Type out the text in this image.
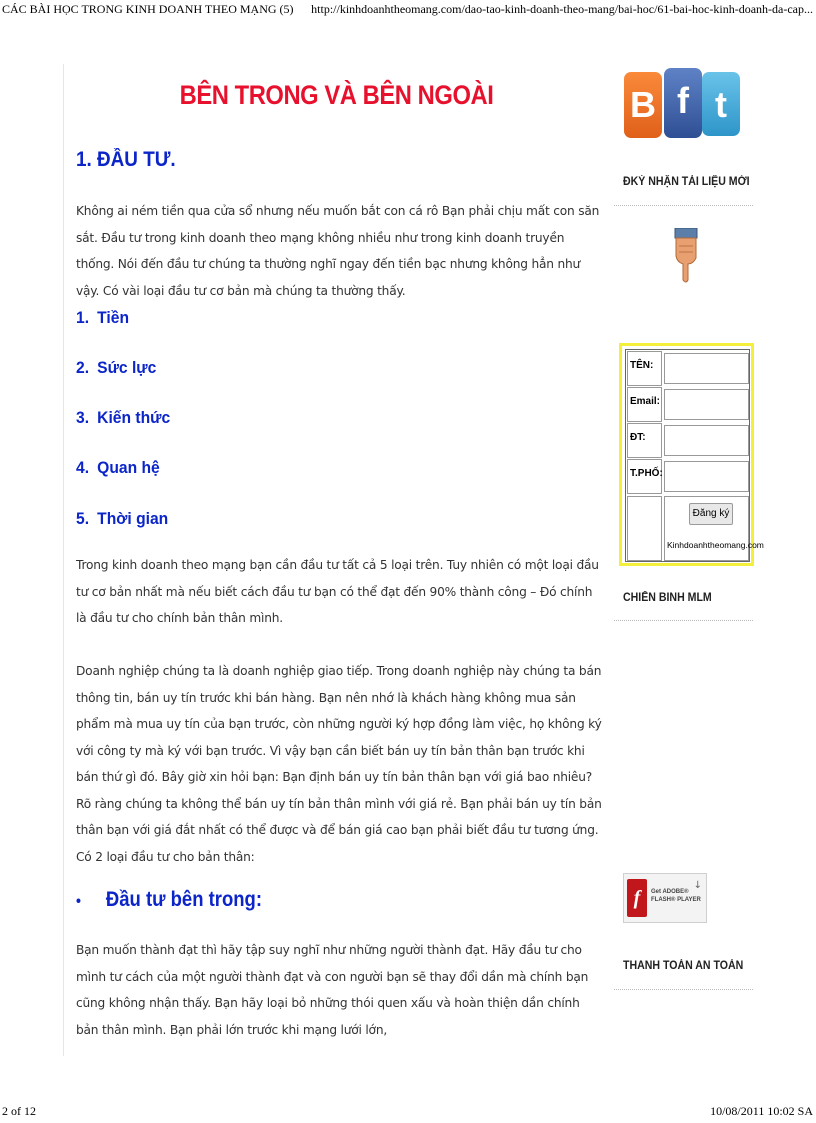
CÁC BÀI HỌC TRONG KINH DOANH THEO MẠNG (5) http://kinhdoanhtheomang.com/dao-tao-kinh-doanh-theo-mang/bai-hoc/61-bai-hoc-kinh-doanh-da-cap...
BÊN TRONG VÀ BÊN NGOÀI
1. ĐẦU TƯ.
Không ai ném tiền qua cửa sổ nhưng nếu muốn bắt con cá rô Bạn phải chịu mất con săn sắt. Đầu tư trong kinh doanh theo mạng không nhiều như trong kinh doanh truyền thống. Nói đến đầu tư chúng ta thường nghĩ ngay đến tiền bạc nhưng không hẳn như vậy. Có vài loại đầu tư cơ bản mà chúng ta thường thấy.
1. Tiền
2. Sức lực
3. Kiến thức
4. Quan hệ
5. Thời gian
Trong kinh doanh theo mạng bạn cần đầu tư tất cả 5 loại trên. Tuy nhiên có một loại đầu tư cơ bản nhất mà nếu biết cách đầu tư bạn có thể đạt đến 90% thành công – Đó chính là đầu tư cho chính bản thân mình.
Doanh nghiệp chúng ta là doanh nghiệp giao tiếp. Trong doanh nghiệp này chúng ta bán thông tin, bán uy tín trước khi bán hàng. Bạn nên nhớ là khách hàng không mua sản phẩm mà mua uy tín của bạn trước, còn những người ký hợp đồng làm việc, họ không ký với công ty mà ký với bạn trước. Vì vậy bạn cần biết bán uy tín bản thân bạn trước khi bán thứ gì đó. Bây giờ xin hỏi bạn: Bạn định bán uy tín bản thân bạn với giá bao nhiêu? Rõ ràng chúng ta không thể bán uy tín bản thân mình với giá rẻ. Bạn phải bán uy tín bản thân bạn với giá đắt nhất có thể được và để bán giá cao bạn phải biết đầu tư tương ứng. Có 2 loại đầu tư cho bản thân:
• Đầu tư bên trong:
Bạn muốn thành đạt thì hãy tập suy nghĩ như những người thành đạt. Hãy đầu tư cho mình tư cách của một người thành đạt và con người bạn sẽ thay đổi dần mà chính bạn cũng không nhận thấy. Bạn hãy loại bỏ những thói quen xấu và hoàn thiện dần chính bản thân mình. Bạn phải lớn trước khi mạng lưới lớn,
B f t
ĐKÝ NHẬN TÀI LIỆU MỚI
TÊN:
Email:
ĐT:
T.PHỐ:
Đăng ký
Kinhdoanhtheomang.com
CHIẾN BINH MLM
f	Get ADOBE®
FLASH® PLAYER
↓
THANH TOÁN AN TOÀN
2 of 12	10/08/2011 10:02 SA
